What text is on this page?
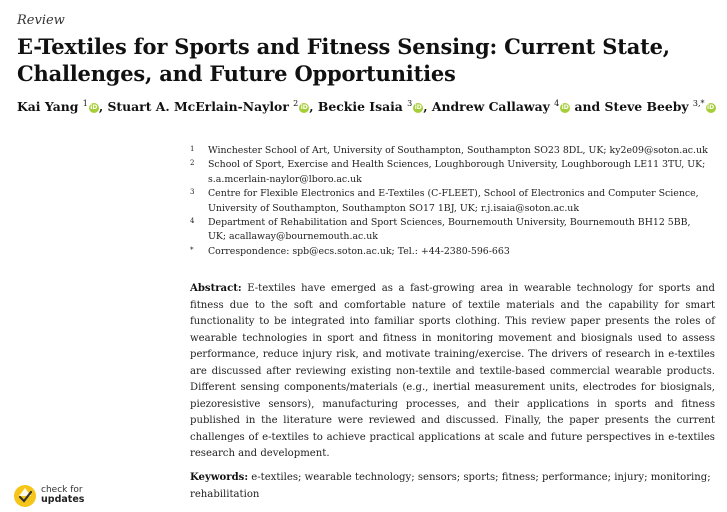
Review
E-Textiles for Sports and Fitness Sensing: Current State, Challenges, and Future Opportunities
Kai Yang $^1$ iD, Stuart A. McErlain-Naylor $^2$ iD, Beckie Isaia $^3$ iD, Andrew Callaway $^4$ iD and Steve Beeby $^{3,*}$ iD
1 Winchester School of Art, University of Southampton, Southampton SO23 8DL, UK; ky2e09@soton.ac.uk
2 School of Sport, Exercise and Health Sciences, Loughborough University, Loughborough LE11 3TU, UK; s.a.mcerlain-naylor@lboro.ac.uk
3 Centre for Flexible Electronics and E-Textiles (C-FLEET), School of Electronics and Computer Science, University of Southampton, Southampton SO17 1BJ, UK; r.j.isaia@soton.ac.uk
4 Department of Rehabilitation and Sport Sciences, Bournemouth University, Bournemouth BH12 5BB, UK; acallaway@bournemouth.ac.uk
* Correspondence: spb@ecs.soton.ac.uk; Tel.: +44-2380-596-663
Abstract: E-textiles have emerged as a fast-growing area in wearable technology for sports and fitness due to the soft and comfortable nature of textile materials and the capability for smart functionality to be integrated into familiar sports clothing. This review paper presents the roles of wearable technologies in sport and fitness in monitoring movement and biosignals used to assess performance, reduce injury risk, and motivate training/exercise. The drivers of research in e-textiles are discussed after reviewing existing non-textile and textile-based commercial wearable products. Different sensing components/materials (e.g., inertial measurement units, electrodes for biosignals, piezoresistive sensors), manufacturing processes, and their applications in sports and fitness published in the literature were reviewed and discussed. Finally, the paper presents the current challenges of e-textiles to achieve practical applications at scale and future perspectives in e-textiles research and development.
Keywords: e-textiles; wearable technology; sensors; sports; fitness; performance; injury; monitoring; rehabilitation
check for
updates
